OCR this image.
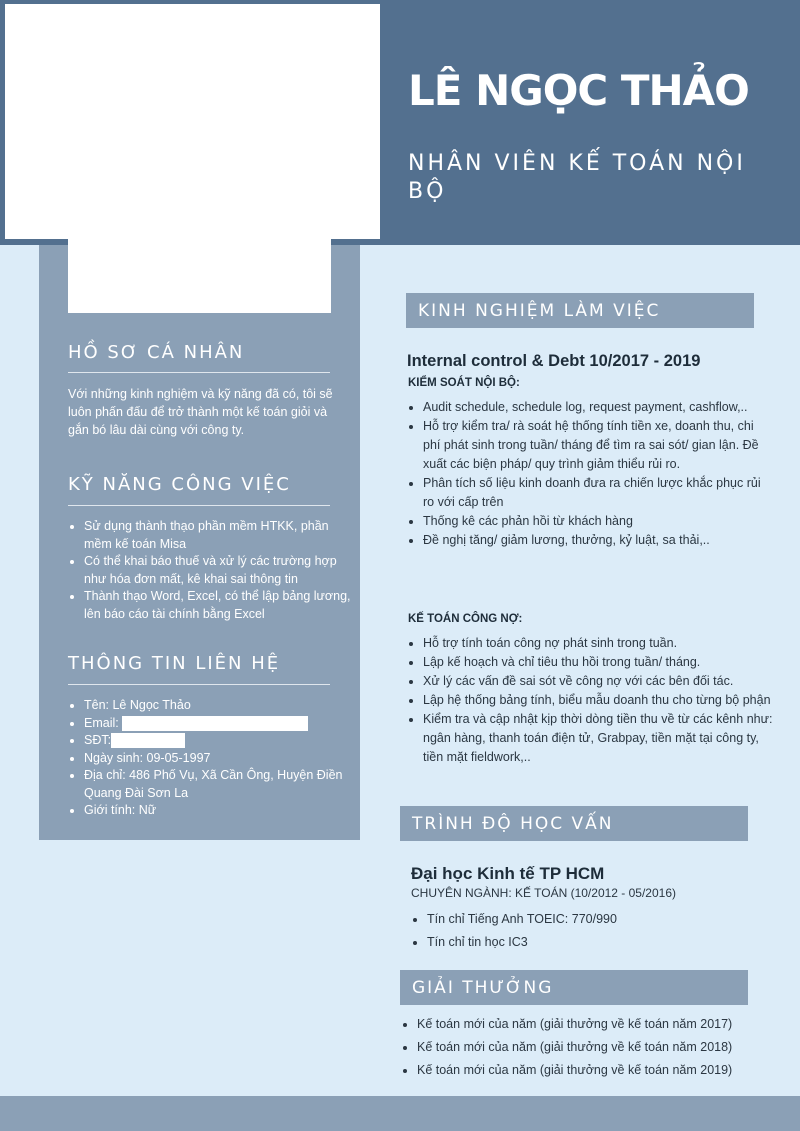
LÊ NGỌC THẢO
NHÂN VIÊN KẾ TOÁN NỘI BỘ
HỒ SƠ CÁ NHÂN

Với những kinh nghiệm và kỹ năng đã có, tôi sẽ luôn phấn đấu để trở thành một kế toán giỏi và gắn bó lâu dài cùng với công ty.

KỸ NĂNG CÔNG VIỆC
• Sử dụng thành thạo phần mềm HTKK, phần mềm kế toán Misa
• Có thể khai báo thuế và xử lý các trường hợp như hóa đơn mất, kê khai sai thông tin
• Thành thạo Word, Excel, có thể lập bảng lương, lên báo cáo tài chính bằng Excel
THÔNG TIN LIÊN HỆ
• Tên: Lê Ngọc Thảo
• Email:
• SĐT:
• Ngày sinh: 09-05-1997
• Địa chỉ: 486 Phố Vụ, Xã Cần Ông, Huyện Điền Quang Đài Sơn La
• Giới tính: Nữ
KINH NGHIỆM LÀM VIỆC
Internal control & Debt 10/2017 - 2019
KIỂM SOÁT NỘI BỘ:
• Audit schedule, schedule log, request payment, cashflow,..
• Hỗ trợ kiểm tra/ rà soát hệ thống tính tiền xe, doanh thu, chi phí phát sinh trong tuần/ tháng để tìm ra sai sót/ gian lận. Đề xuất các biện pháp/ quy trình giảm thiểu rủi ro.
• Phân tích số liệu kinh doanh đưa ra chiến lược khắc phục rủi ro với cấp trên
• Thống kê các phản hồi từ khách hàng
• Đề nghị tăng/ giảm lương, thưởng, kỷ luật, sa thải,..
KẾ TOÁN CÔNG NỢ:
• Hỗ trợ tính toán công nợ phát sinh trong tuần.
• Lập kế hoạch và chỉ tiêu thu hồi trong tuần/ tháng.
• Xử lý các vấn đề sai sót về công nợ với các bên đối tác.
• Lập hệ thống bảng tính, biểu mẫu doanh thu cho từng bộ phận
• Kiểm tra và cập nhật kịp thời dòng tiền thu về từ các kênh như: ngân hàng, thanh toán điện tử, Grabpay, tiền mặt tại công ty, tiền mặt fieldwork,..
TRÌNH ĐỘ HỌC VẤN
Đại học Kinh tế TP HCM

CHUYÊN NGÀNH: KẾ TOÁN (10/2012 - 05/2016)

• Tín chỉ Tiếng Anh TOEIC: 770/990
• Tín chỉ tin học IC3
GIẢI THƯỞNG
• Kế toán mới của năm (giải thưởng về kế toán năm 2017)
• Kế toán mới của năm (giải thưởng về kế toán năm 2018)
• Kế toán mới của năm (giải thưởng về kế toán năm 2019)
